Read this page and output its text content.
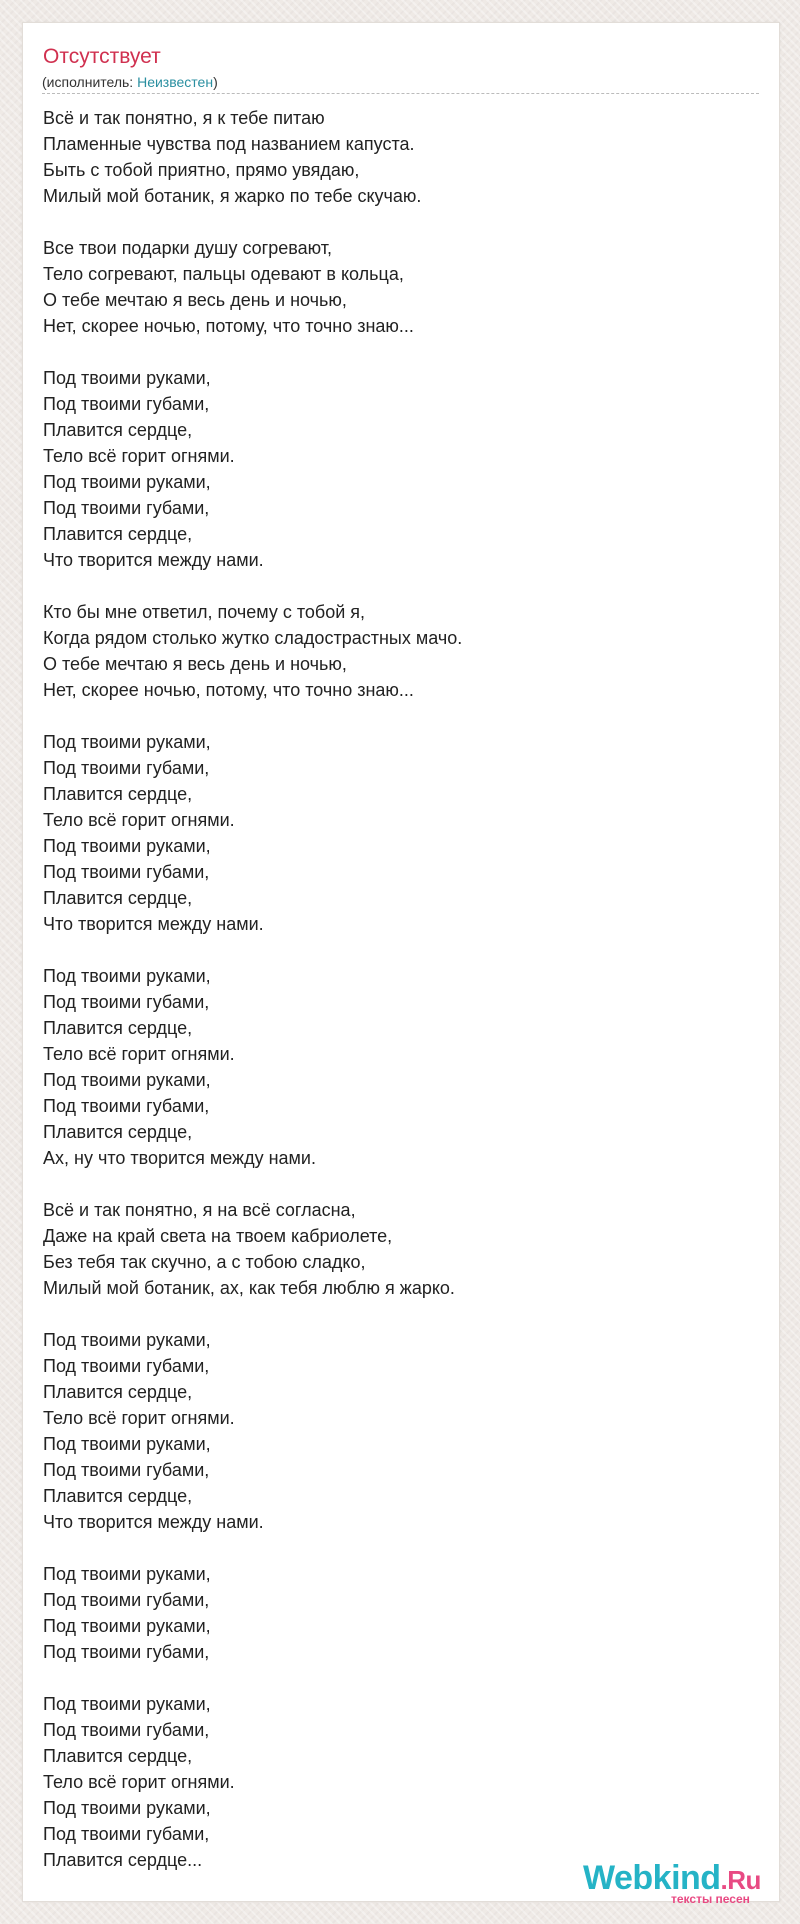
Отсутствует
(исполнитель: Неизвестен)
Всё и так понятно, я к тебе питаю
Пламенные чувства под названием капуста.
Быть с тобой приятно, прямо увядаю,
Милый мой ботаник, я жарко по тебе скучаю.
Все твои подарки душу согревают,
Тело согревают, пальцы одевают в кольца,
О тебе мечтаю я весь день и ночью,
Нет, скорее ночью, потому, что точно знаю...
Под твоими руками,
Под твоими губами,
Плавится сердце,
Тело всё горит огнями.
Под твоими руками,
Под твоими губами,
Плавится сердце,
Что творится между нами.
Кто бы мне ответил, почему с тобой я,
Когда рядом столько жутко сладострастных мачо.
О тебе мечтаю я весь день и ночью,
Нет, скорее ночью, потому, что точно знаю...
Под твоими руками,
Под твоими губами,
Плавится сердце,
Тело всё горит огнями.
Под твоими руками,
Под твоими губами,
Плавится сердце,
Что творится между нами.
Под твоими руками,
Под твоими губами,
Плавится сердце,
Тело всё горит огнями.
Под твоими руками,
Под твоими губами,
Плавится сердце,
Ах, ну что творится между нами.
Всё и так понятно, я на всё согласна,
Даже на край света на твоем кабриолете,
Без тебя так скучно, а с тобою сладко,
Милый мой ботаник, ах, как тебя люблю я жарко.
Под твоими руками,
Под твоими губами,
Плавится сердце,
Тело всё горит огнями.
Под твоими руками,
Под твоими губами,
Плавится сердце,
Что творится между нами.
Под твоими руками,
Под твоими губами,
Под твоими руками,
Под твоими губами,
Под твоими руками,
Под твоими губами,
Плавится сердце,
Тело всё горит огнями.
Под твоими руками,
Под твоими губами,
Плавится сердце...	Webkind.Ru
тексты песен
